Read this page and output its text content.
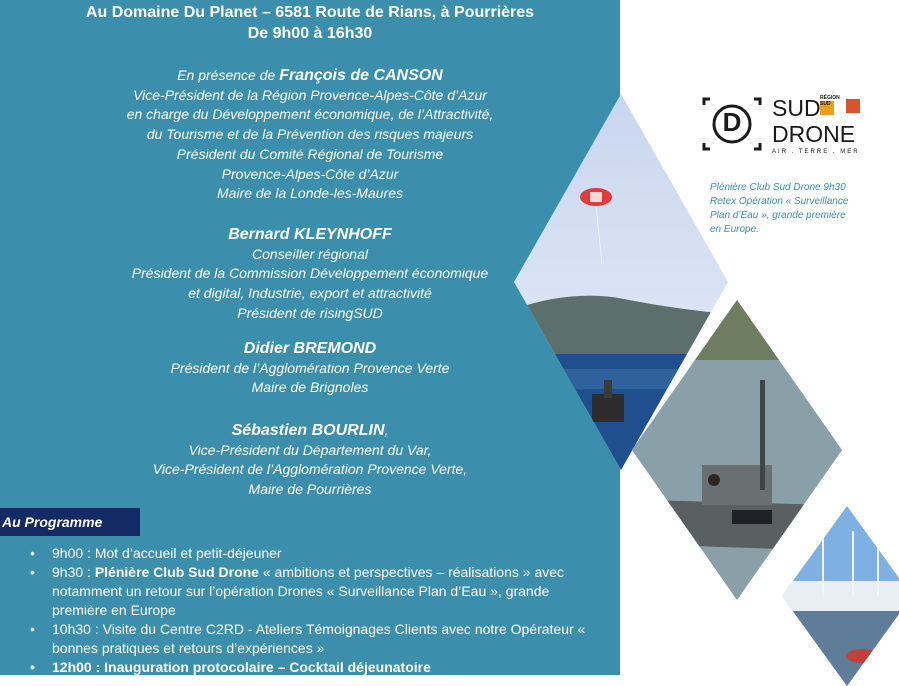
Au Domaine Du Planet – 6581 Route de Rians, à Pourrières
De 9h00 à 16h30
En présence de François de CANSON
Vice-Président de la Région Provence-Alpes-Côte d’Azur
en charge du Développement économique, de l’Attractivité,
du Tourisme et de la Prévention des risques majeurs
Président du Comité Régional de Tourisme
Provence-Alpes-Côte d’Azur
Maire de la Londe-les-Maures
Bernard KLEYNHOFF
Conseiller régional
Président de la Commission Développement économique
et digital, Industrie, export et attractivité
Président de risingSUD
Didier BREMOND
Président de l’Agglomération Provence Verte
Maire de Brignoles
Sébastien BOURLIN,
Vice-Président du Département du Var,
Vice-Président de l’Agglomération Provence Verte,
Maire de Pourrières
Au Programme
• 9h00 : Mot d’accueil et petit-déjeuner
• 9h30 : Plénière Club Sud Drone « ambitions et perspectives – réalisations » avec notamment un retour sur l’opération Drones « Surveillance Plan d’Eau », grande première en Europe
• 10h30 : Visite du Centre C2RD - Ateliers Témoignages Clients avec notre Opérateur « bonnes pratiques et retours d’expériences »
• 12h00 : Inauguration protocolaire – Cocktail déjeunatoire
D	SUD
DRONE
AIR . TERRE . MER
RÉGION SUD
Plénière Club Sud Drone 9h30
Retex Opération « Surveillance
Plan d’Eau », grande première
en Europe.
